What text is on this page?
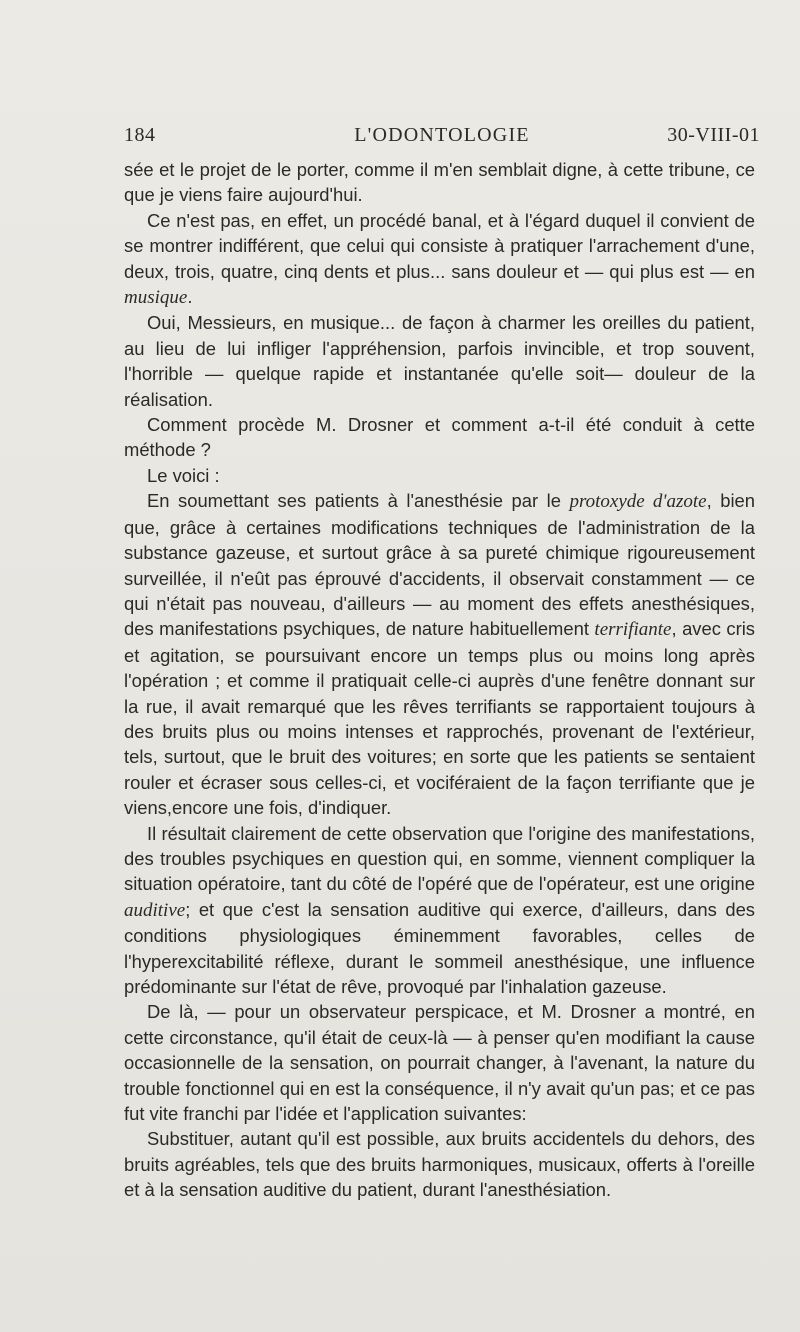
184	L'ODONTOLOGIE	30-VIII-01

sée et le projet de le porter, comme il m'en semblait digne, à cette tribune, ce que je viens faire aujourd'hui.

Ce n'est pas, en effet, un procédé banal, et à l'égard duquel il convient de se montrer indifférent, que celui qui consiste à pratiquer l'arrachement d'une, deux, trois, quatre, cinq dents et plus... sans douleur et — qui plus est — en musique.

Oui, Messieurs, en musique... de façon à charmer les oreilles du patient, au lieu de lui infliger l'appréhension, parfois invincible, et trop souvent, l'horrible — quelque rapide et instantanée qu'elle soit— douleur de la réalisation.

Comment procède M. Drosner et comment a-t-il été conduit à cette méthode ?

Le voici :

En soumettant ses patients à l'anesthésie par le protoxyde d'azote, bien que, grâce à certaines modifications techniques de l'administration de la substance gazeuse, et surtout grâce à sa pureté chimique rigoureusement surveillée, il n'eût pas éprouvé d'accidents, il observait constamment — ce qui n'était pas nouveau, d'ailleurs — au moment des effets anesthésiques, des manifestations psychiques, de nature habituellement terrifiante, avec cris et agitation, se poursuivant encore un temps plus ou moins long après l'opération ; et comme il pratiquait celle-ci auprès d'une fenêtre donnant sur la rue, il avait remarqué que les rêves terrifiants se rapportaient toujours à des bruits plus ou moins intenses et rapprochés, provenant de l'extérieur, tels, surtout, que le bruit des voitures; en sorte que les patients se sentaient rouler et écraser sous celles-ci, et vociféraient de la façon terrifiante que je viens,encore une fois, d'indiquer.

Il résultait clairement de cette observation que l'origine des manifestations, des troubles psychiques en question qui, en somme, viennent compliquer la situation opératoire, tant du côté de l'opéré que de l'opérateur, est une origine auditive; et que c'est la sensation auditive qui exerce, d'ailleurs, dans des conditions physiologiques éminemment favorables, celles de l'hyperexcitabilité réflexe, durant le sommeil anesthésique, une influence prédominante sur l'état de rêve, provoqué par l'inhalation gazeuse.

De là, — pour un observateur perspicace, et M. Drosner a montré, en cette circonstance, qu'il était de ceux-là — à penser qu'en modifiant la cause occasionnelle de la sensation, on pourrait changer, à l'avenant, la nature du trouble fonctionnel qui en est la conséquence, il n'y avait qu'un pas; et ce pas fut vite franchi par l'idée et l'application suivantes:

Substituer, autant qu'il est possible, aux bruits accidentels du dehors, des bruits agréables, tels que des bruits harmoniques, musicaux, offerts à l'oreille et à la sensation auditive du patient, durant l'anesthésiation.
